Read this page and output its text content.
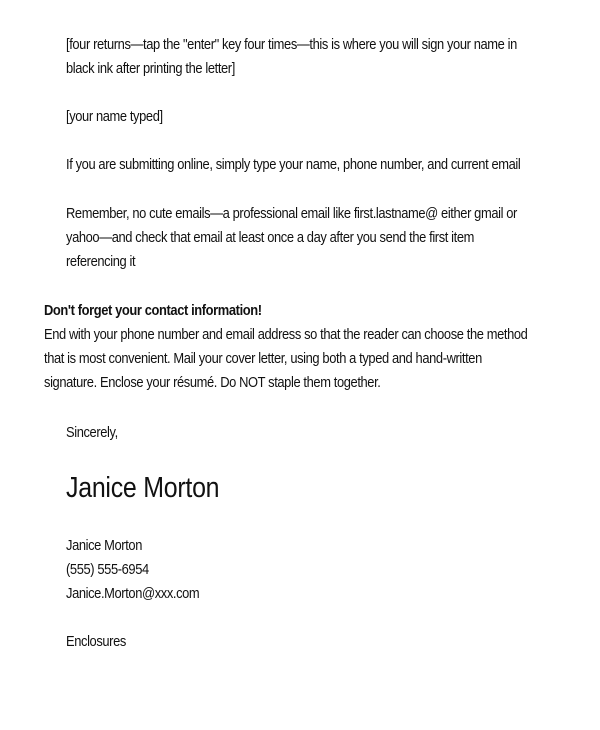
[four returns—tap the "enter" key four times—this is where you will sign your name in
black ink after printing the letter]
[your name typed]
If you are submitting online, simply type your name, phone number, and current email
Remember, no cute emails—a professional email like first.lastname@ either gmail or
yahoo—and check that email at least once a day after you send the first item
referencing it
Don't forget your contact information!
End with your phone number and email address so that the reader can choose the method
that is most convenient. Mail your cover letter, using both a typed and hand-written
signature. Enclose your résumé. Do NOT staple them together.
Sincerely,
Janice Morton
Janice Morton
(555) 555-6954
Janice.Morton@xxx.com
Enclosures
